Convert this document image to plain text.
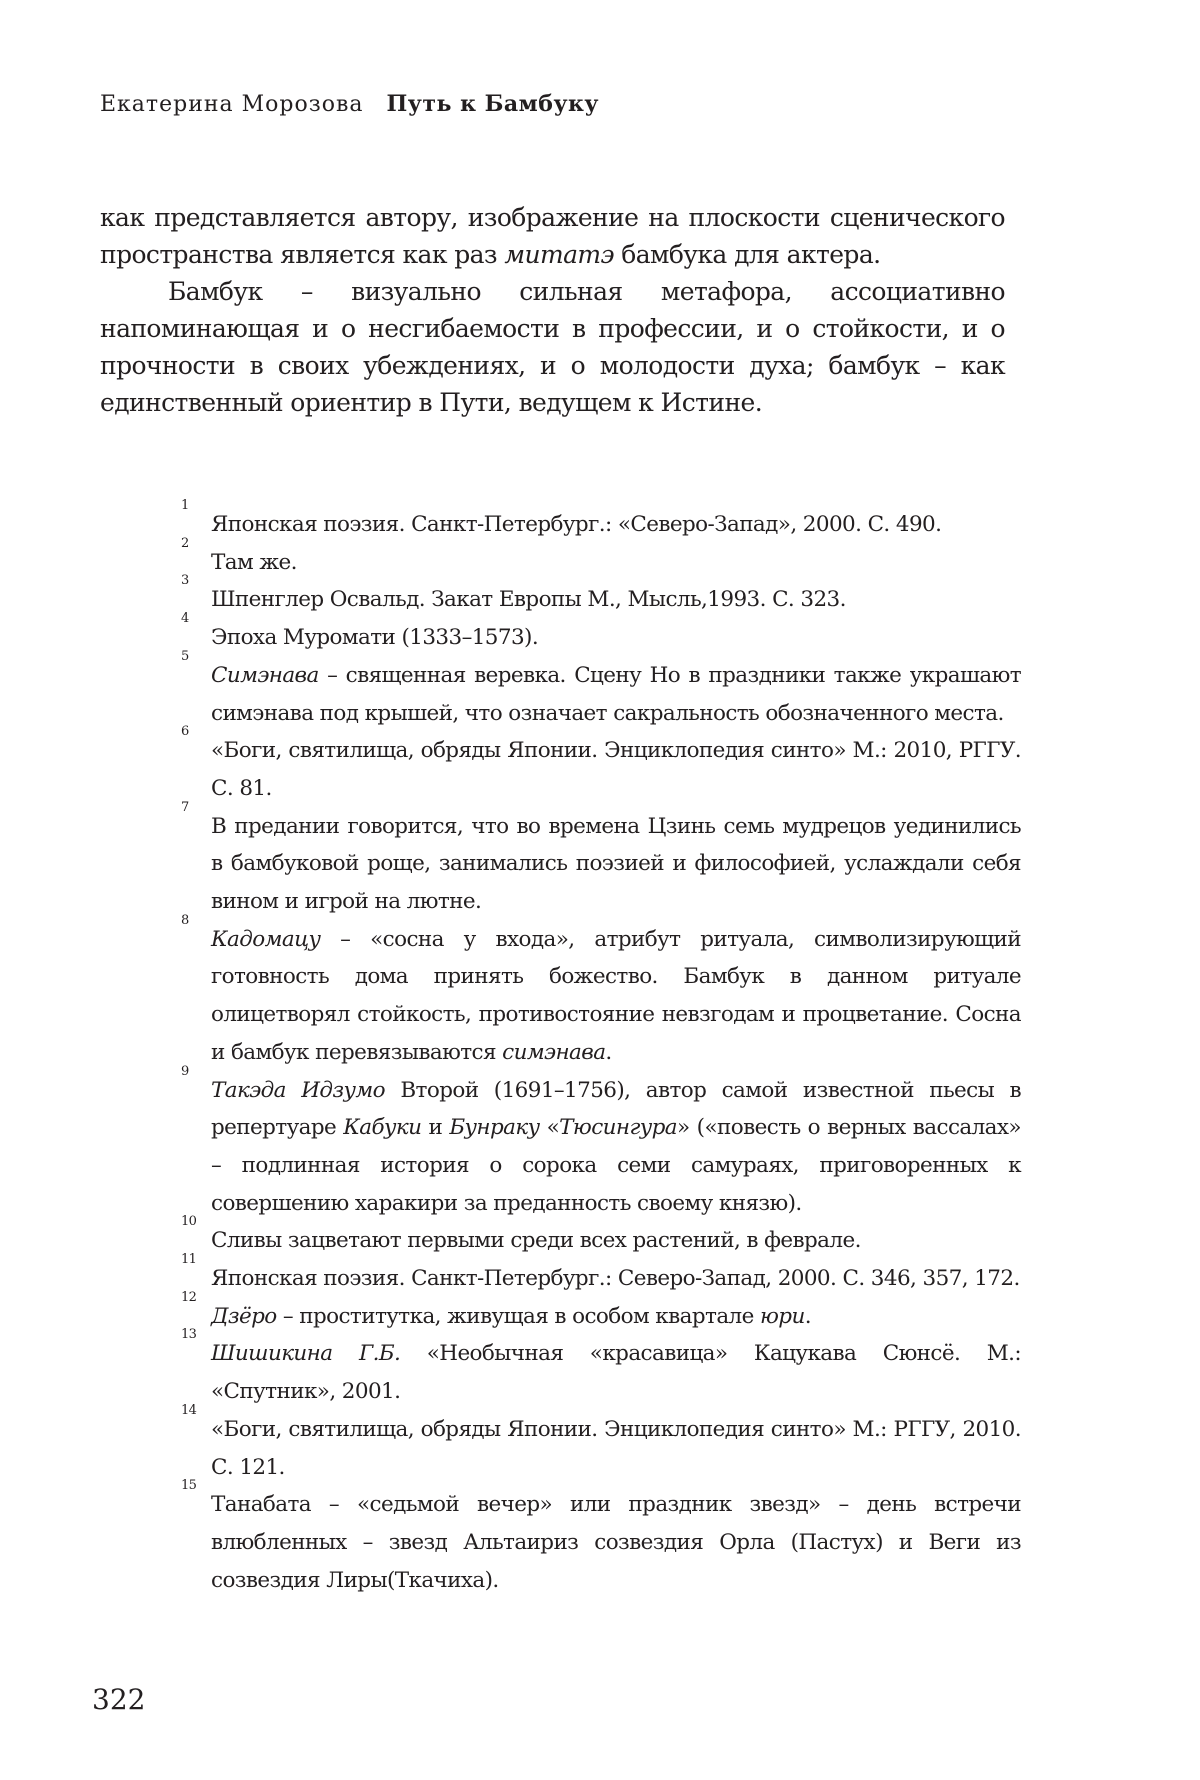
Екатерина Морозова Путь к Бамбуку

как представляется автору, изображение на плоскости сценического пространства является как раз митатэ бамбука для актера.

Бамбук – визуально сильная метафора, ассоциативно напоминающая и о несгибаемости в профессии, и о стойкости, и о прочности в своих убеждениях, и о молодости духа; бамбук – как единственный ориентир в Пути, ведущем к Истине.

1
Японская поэзия. Санкт-Петербург.: «Северо-Запад», 2000. С. 490.
2
Там же.
3
Шпенглер Освальд. Закат Европы М., Мысль,1993. С. 323.
4
Эпоха Муромати (1333–1573).
5
Симэнава – священная веревка. Сцену Но в праздники также украшают симэнава под крышей, что означает сакральность обозначенного места.
6
«Боги, святилища, обряды Японии. Энциклопедия синто» М.: 2010, РГГУ. С. 81.
7
В предании говорится, что во времена Цзинь семь мудрецов уединились в бамбуковой роще, занимались поэзией и философией, услаждали себя вином и игрой на лютне.
8
Кадомацу – «сосна у входа», атрибут ритуала, символизирующий готовность дома принять божество. Бамбук в данном ритуале олицетворял стойкость, противостояние невзгодам и процветание. Сосна и бамбук перевязываются симэнава.
9
Такэда Идзумо Второй (1691–1756), автор самой известной пьесы в репертуаре Кабуки и Бунраку «Тюсингура» («повесть о верных вассалах» – подлинная история о сорока семи самураях, приговоренных к совершению харакири за преданность своему князю).
10
Сливы зацветают первыми среди всех растений, в феврале.
11
Японская поэзия. Санкт-Петербург.: Северо-Запад, 2000. С. 346, 357, 172.
12
Дзёро – проститутка, живущая в особом квартале юри.
13
Шишикина Г.Б. «Необычная «красавица» Кацукава Сюнсё. М.: «Спутник», 2001.
14
«Боги, святилища, обряды Японии. Энциклопедия синто» М.: РГГУ, 2010. С. 121.
15
Танабата – «седьмой вечер» или праздник звезд» – день встречи влюбленных – звезд Альтаириз созвездия Орла (Пастух) и Веги из созвездия Лиры(Ткачиха).
322
